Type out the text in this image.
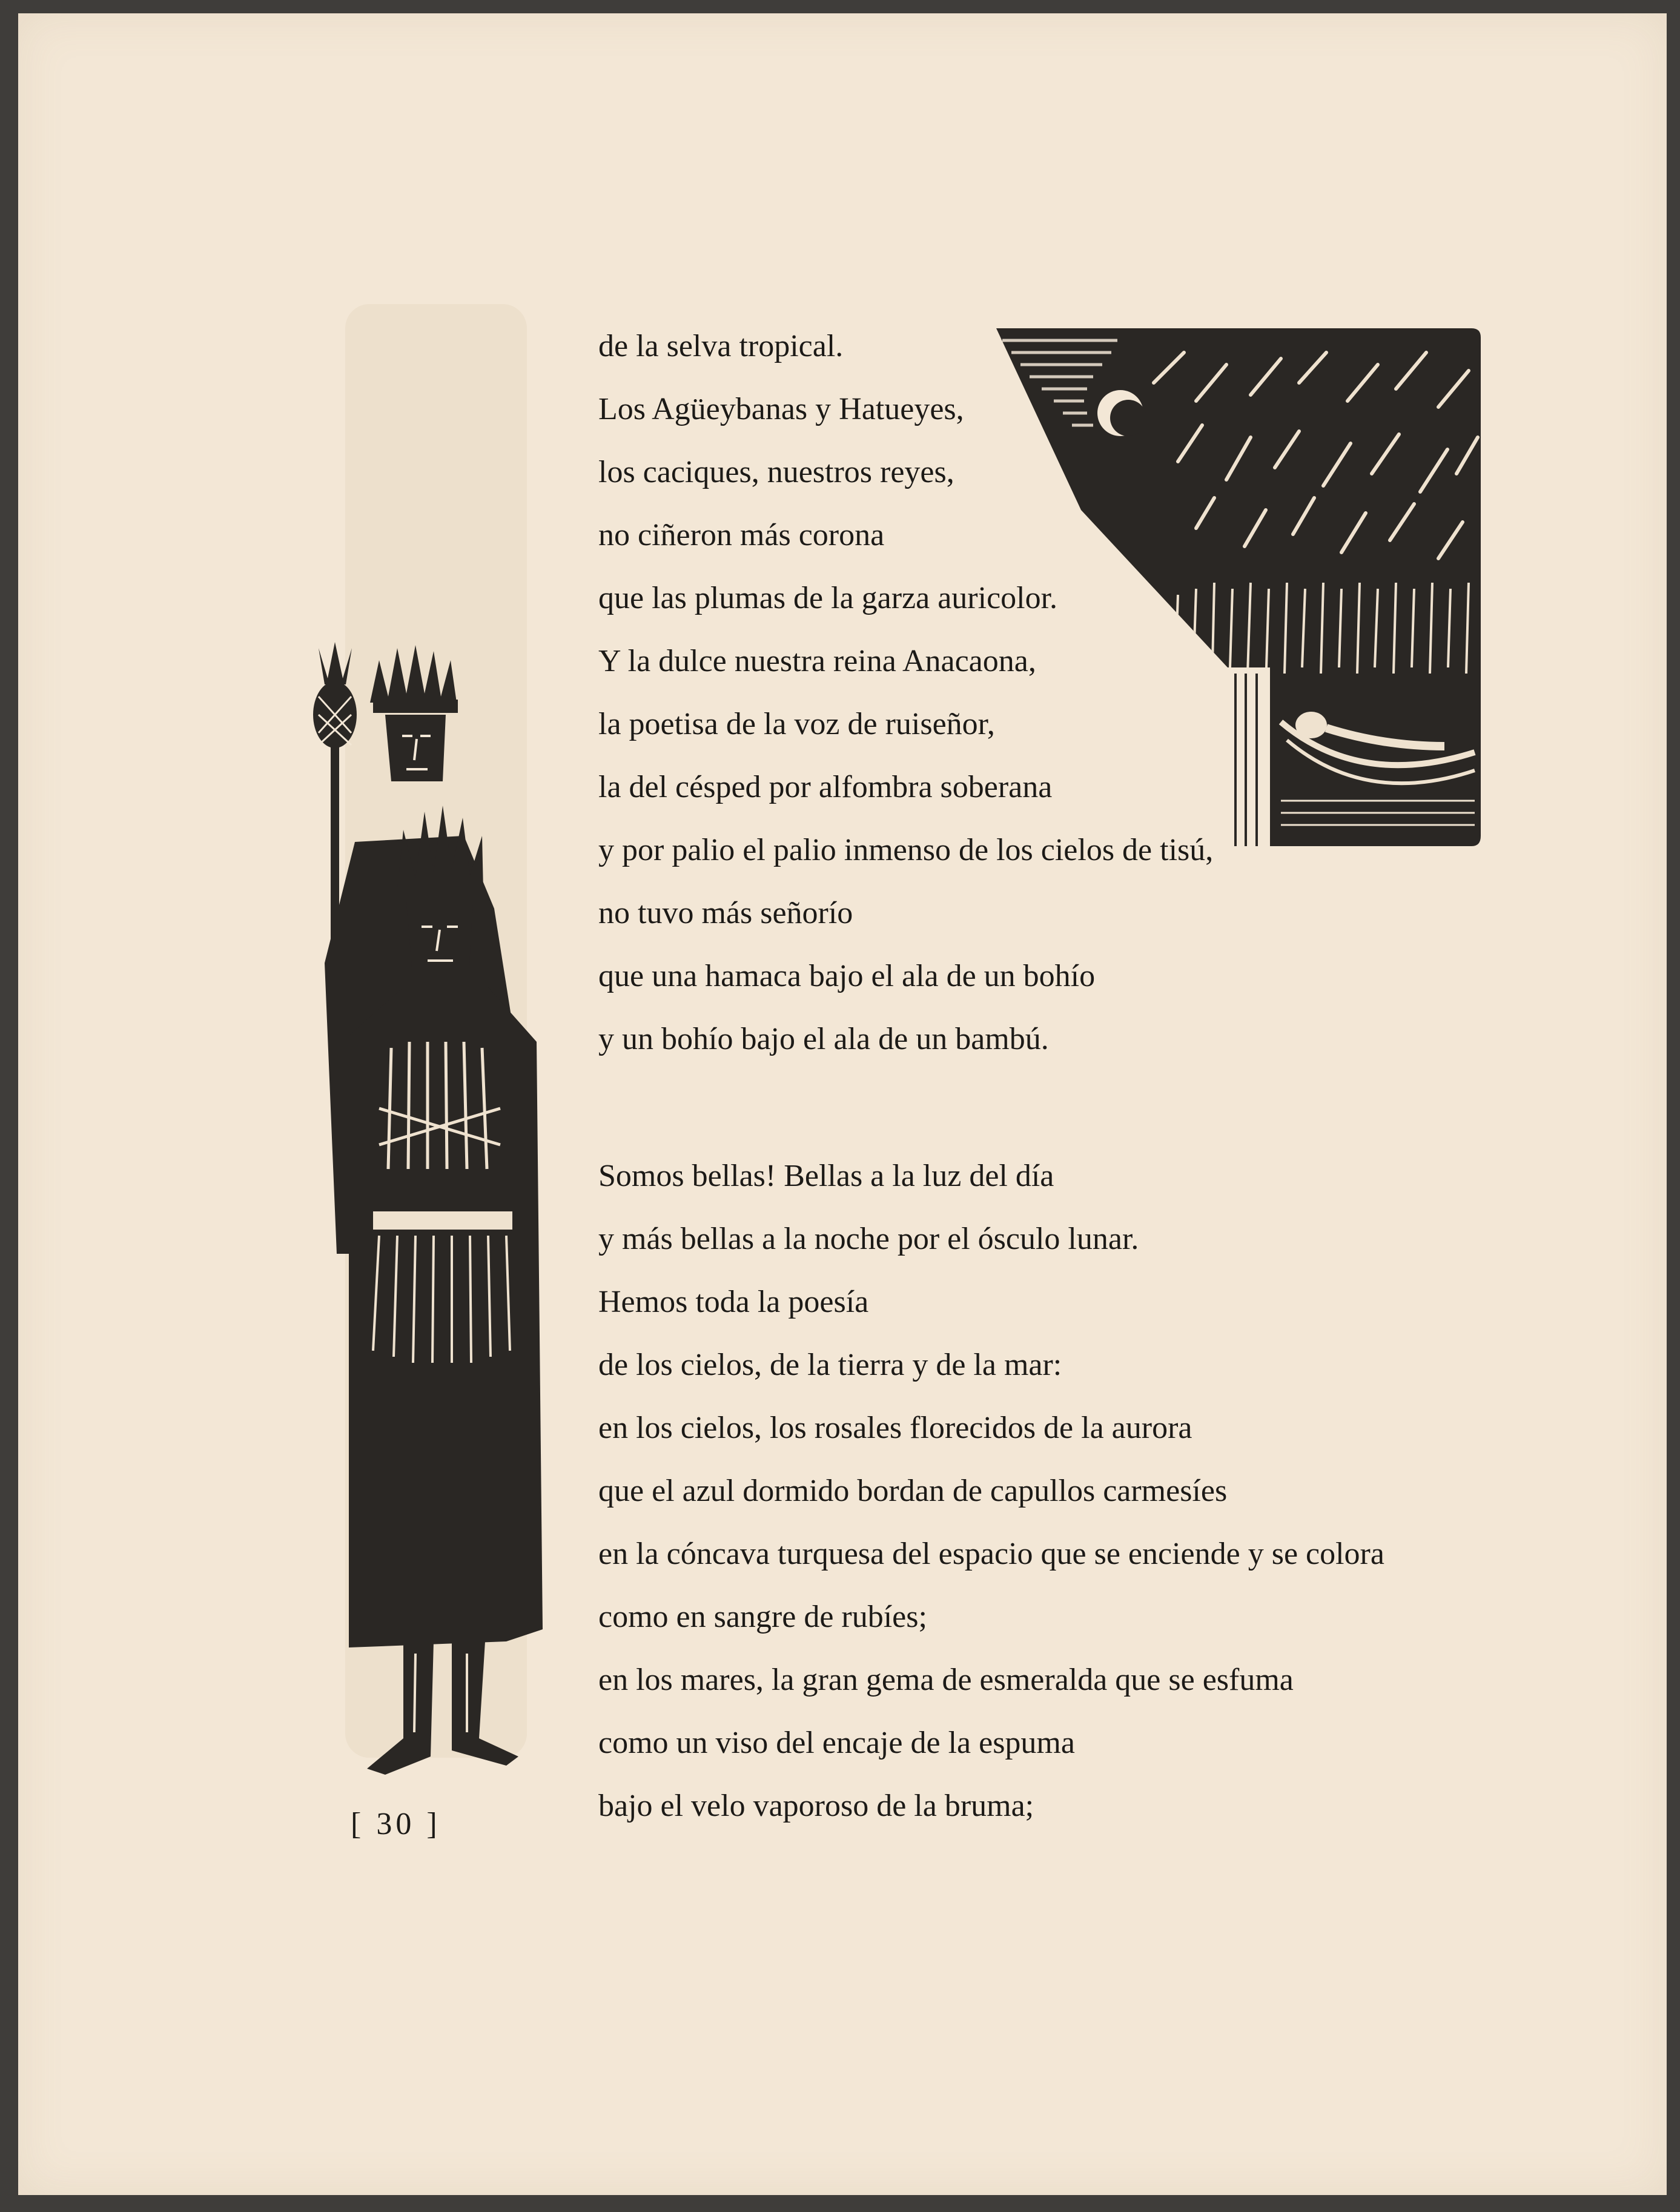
de la selva tropical.
Los Agüeybanas y Hatueyes,
los caciques, nuestros reyes,
no ciñeron más corona
que las plumas de la garza auricolor.
Y la dulce nuestra reina Anacaona,
la poetisa de la voz de ruiseñor,
la del césped por alfombra soberana
y por palio el palio inmenso de los cielos de tisú,
no tuvo más señorío
que una hamaca bajo el ala de un bohío
y un bohío bajo el ala de un bambú.
Somos bellas! Bellas a la luz del día
y más bellas a la noche por el ósculo lunar.
Hemos toda la poesía
de los cielos, de la tierra y de la mar:
en los cielos, los rosales florecidos de la aurora
que el azul dormido bordan de capullos carmesíes
en la cóncava turquesa del espacio que se enciende y se colora
como en sangre de rubíes;
en los mares, la gran gema de esmeralda que se esfuma
como un viso del encaje de la espuma
bajo el velo vaporoso de la bruma;
[ 30 ]
